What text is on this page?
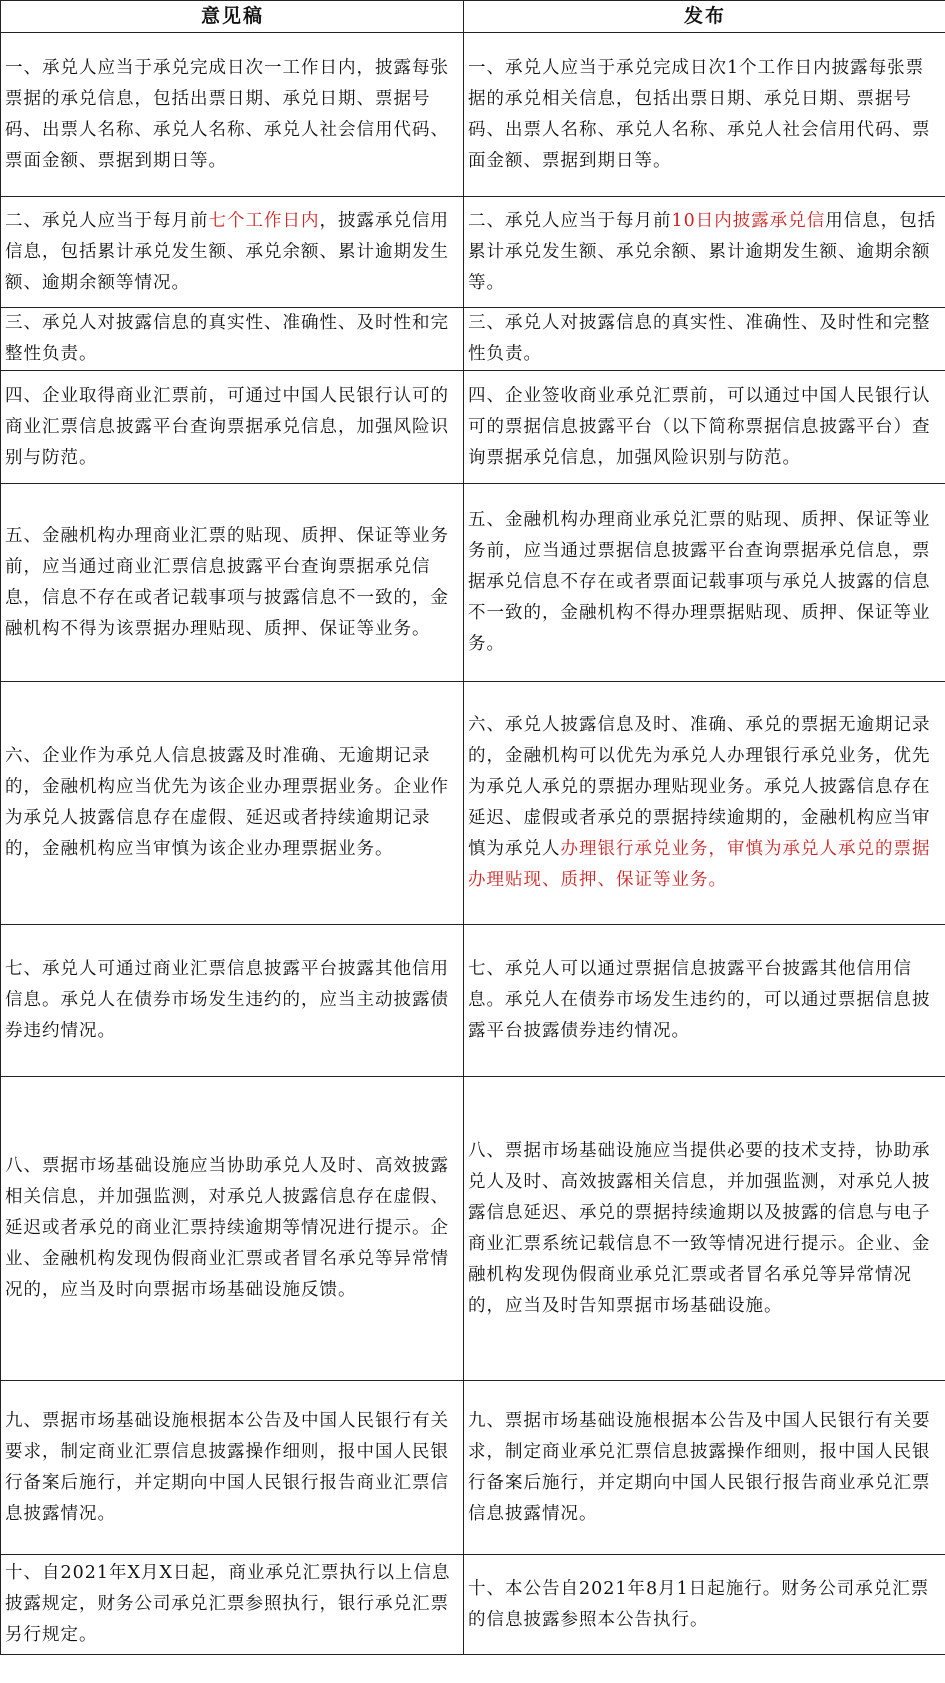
意见稿	发布
一、承兑人应当于承兑完成日次一工作日内，披露每张票据的承兑信息，包括出票日期、承兑日期、票据号码、出票人名称、承兑人名称、承兑人社会信用代码、票面金额、票据到期日等。	一、承兑人应当于承兑完成日次1个工作日内披露每张票据的承兑相关信息，包括出票日期、承兑日期、票据号码、出票人名称、承兑人名称、承兑人社会信用代码、票面金额、票据到期日等。
二、承兑人应当于每月前七个工作日内，披露承兑信用信息，包括累计承兑发生额、承兑余额、累计逾期发生额、逾期余额等情况。	二、承兑人应当于每月前10日内披露承兑信用信息，包括累计承兑发生额、承兑余额、累计逾期发生额、逾期余额等。
三、承兑人对披露信息的真实性、准确性、及时性和完整性负责。	三、承兑人对披露信息的真实性、准确性、及时性和完整性负责。
四、企业取得商业汇票前，可通过中国人民银行认可的商业汇票信息披露平台查询票据承兑信息，加强风险识别与防范。	四、企业签收商业承兑汇票前，可以通过中国人民银行认可的票据信息披露平台（以下简称票据信息披露平台）查询票据承兑信息，加强风险识别与防范。
五、金融机构办理商业汇票的贴现、质押、保证等业务前，应当通过商业汇票信息披露平台查询票据承兑信息，信息不存在或者记载事项与披露信息不一致的，金融机构不得为该票据办理贴现、质押、保证等业务。	五、金融机构办理商业承兑汇票的贴现、质押、保证等业务前，应当通过票据信息披露平台查询票据承兑信息，票据承兑信息不存在或者票面记载事项与承兑人披露的信息不一致的，金融机构不得办理票据贴现、质押、保证等业务。
六、企业作为承兑人信息披露及时准确、无逾期记录的，金融机构应当优先为该企业办理票据业务。企业作为承兑人披露信息存在虚假、延迟或者持续逾期记录的，金融机构应当审慎为该企业办理票据业务。	六、承兑人披露信息及时、准确、承兑的票据无逾期记录的，金融机构可以优先为承兑人办理银行承兑业务，优先为承兑人承兑的票据办理贴现业务。承兑人披露信息存在延迟、虚假或者承兑的票据持续逾期的，金融机构应当审慎为承兑人办理银行承兑业务，审慎为承兑人承兑的票据办理贴现、质押、保证等业务。
七、承兑人可通过商业汇票信息披露平台披露其他信用信息。承兑人在债券市场发生违约的，应当主动披露债券违约情况。	七、承兑人可以通过票据信息披露平台披露其他信用信息。承兑人在债券市场发生违约的，可以通过票据信息披露平台披露债券违约情况。
八、票据市场基础设施应当协助承兑人及时、高效披露相关信息，并加强监测，对承兑人披露信息存在虚假、延迟或者承兑的商业汇票持续逾期等情况进行提示。企业、金融机构发现伪假商业汇票或者冒名承兑等异常情况的，应当及时向票据市场基础设施反馈。	八、票据市场基础设施应当提供必要的技术支持，协助承兑人及时、高效披露相关信息，并加强监测，对承兑人披露信息延迟、承兑的票据持续逾期以及披露的信息与电子商业汇票系统记载信息不一致等情况进行提示。企业、金融机构发现伪假商业承兑汇票或者冒名承兑等异常情况的，应当及时告知票据市场基础设施。
九、票据市场基础设施根据本公告及中国人民银行有关要求，制定商业汇票信息披露操作细则，报中国人民银行备案后施行，并定期向中国人民银行报告商业汇票信息披露情况。	九、票据市场基础设施根据本公告及中国人民银行有关要求，制定商业承兑汇票信息披露操作细则，报中国人民银行备案后施行，并定期向中国人民银行报告商业承兑汇票信息披露情况。
十、自2021年X月X日起，商业承兑汇票执行以上信息披露规定，财务公司承兑汇票参照执行，银行承兑汇票另行规定。	十、本公告自2021年8月1日起施行。财务公司承兑汇票的信息披露参照本公告执行。
